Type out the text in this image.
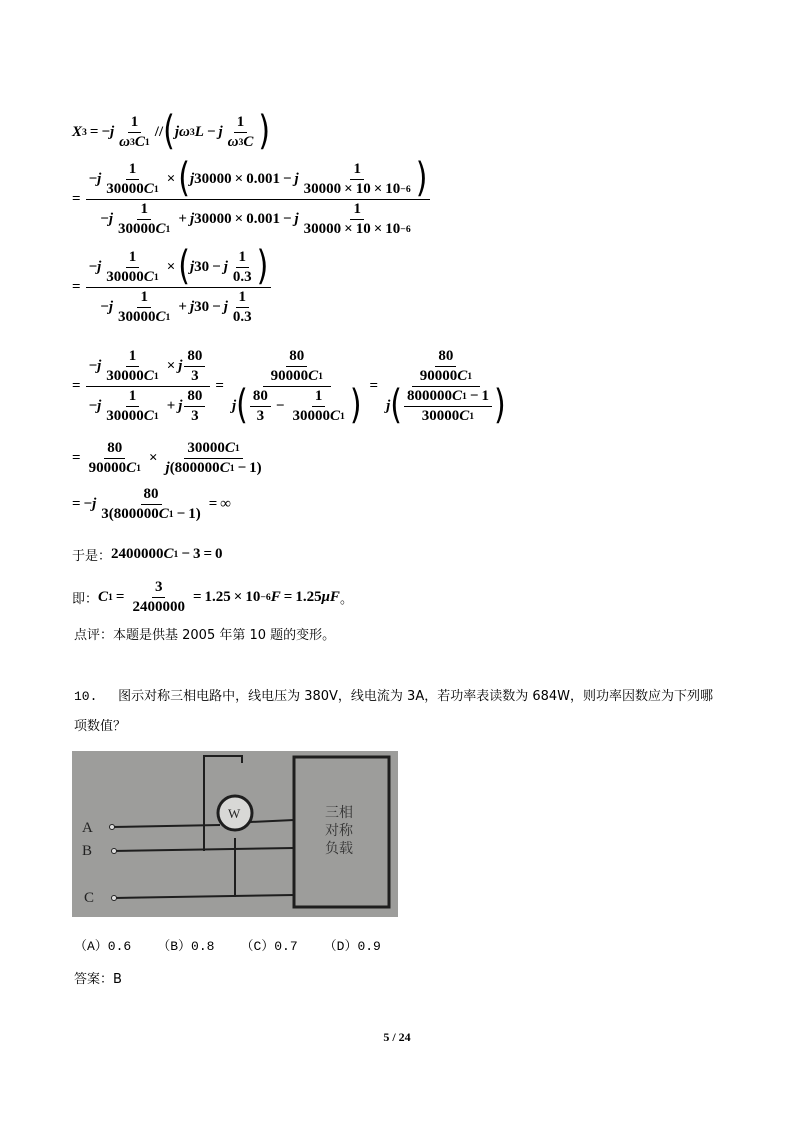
X 3  = − j $\frac{1}{\omega 3 C 1}$ // ( j ω 3 L  −  j $\frac{1}{\omega 3 C}$ )
=  $\frac{- j \frac{1}{30000 C 1} \times ( j 30000 \times 0.001 - j \frac{1}{30000 \times 10 \times 10 -6} )}{- j \frac{1}{30000 C 1} + j 30000 \times 0.001 - j \frac{1}{30000 \times 10 \times 10 -6}}$
=  $\frac{- j \frac{1}{30000 C 1} \times ( j 30 - j \frac{1}{0.3} )}{- j \frac{1}{30000 C 1} + j 30 - j \frac{1}{0.3}}$
=  $\frac{- j \frac{1}{30000 C 1} \times j \frac{80}{3}}{- j \frac{1}{30000 C 1} + j \frac{80}{3}} = \frac{\frac{80}{90000 C 1}}{j ( \frac{80}{3} - \frac{1}{30000 C 1} )} = \frac{\frac{80}{90000 C 1}}{j ( \frac{800000 C 1 - 1}{30000 C 1} )}$
=  $\frac{80}{90000 C 1} \times \frac{30000 C 1}{j (800000 C 1 - 1)}$
= − j $\frac{80}{3(800000 C 1 - 1)}$  = ∞
于是： 2400000 C 1  − 3 = 0
即： C $1 = \frac{3}{2400000} = 1.25 \times 10 -6$ F  = 1.25 μF 。
点评：本题是供基 2005 年第 10 题的变形。
10. 图示对称三相电路中，线电压为 380V，线电流为 3A，若功率表读数为 684W，则功率因数应为下列哪
项数值？
A
B
C
W	三相
对称
负载
（A）0.6 （B）0.8 （C）0.7 （D）0.9
答案：B
5 / 24
